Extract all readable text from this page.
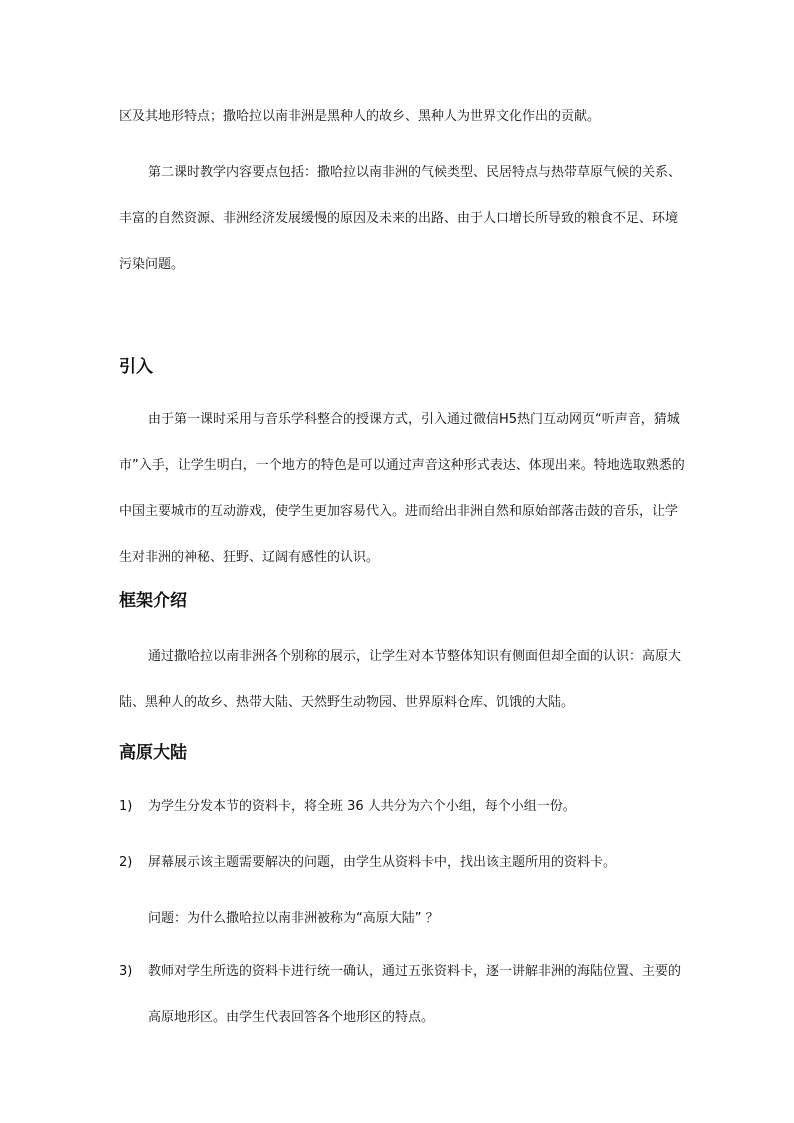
区及其地形特点；撒哈拉以南非洲是黑种人的故乡、黑种人为世界文化作出的贡献。

第二课时教学内容要点包括：撒哈拉以南非洲的气候类型、民居特点与热带草原气候的关系、丰富的自然资源、非洲经济发展缓慢的原因及未来的出路、由于人口增长所导致的粮食不足、环境污染问题。

引入

由于第一课时采用与音乐学科整合的授课方式，引入通过微信H5热门互动网页“听声音，猜城市”入手，让学生明白，一个地方的特色是可以通过声音这种形式表达、体现出来。特地选取熟悉的中国主要城市的互动游戏，使学生更加容易代入。进而给出非洲自然和原始部落击鼓的音乐，让学生对非洲的神秘、狂野、辽阔有感性的认识。

框架介绍

通过撒哈拉以南非洲各个别称的展示，让学生对本节整体知识有侧面但却全面的认识：高原大陆、黑种人的故乡、热带大陆、天然野生动物园、世界原料仓库、饥饿的大陆。

高原大陆
1)	为学生分发本节的资料卡，将全班 36 人共分为六个小组，每个小组一份。
2)	屏幕展示该主题需要解决的问题，由学生从资料卡中，找出该主题所用的资料卡。

问题：为什么撒哈拉以南非洲被称为“高原大陆” ？

3)	教师对学生所选的资料卡进行统一确认，通过五张资料卡，逐一讲解非洲的海陆位置、主要的高原地形区。由学生代表回答各个地形区的特点。
